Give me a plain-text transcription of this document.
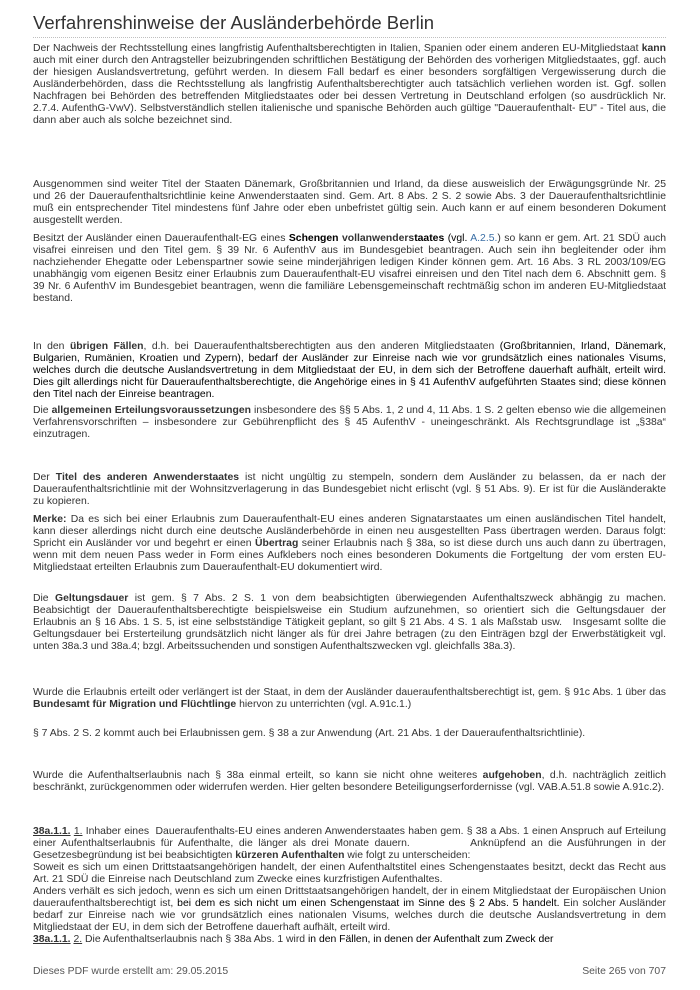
Verfahrenshinweise der Ausländerbehörde Berlin

Der Nachweis der Rechtsstellung eines langfristig Aufenthaltsberechtigten in Italien, Spanien oder einem anderen EU-Mitgliedstaat kann auch mit einer durch den Antragsteller beizubringenden schriftlichen Bestätigung der Behörden des vorherigen Mitgliedstaates, ggf. auch der hiesigen Auslandsvertretung, geführt werden. In diesem Fall bedarf es einer besonders sorgfältigen Vergewisserung durch die Ausländerbehörden, dass die Rechtsstellung als langfristig Aufenthaltsberechtigter auch tatsächlich verliehen worden ist. Ggf. sollen Nachfragen bei Behörden des betreffenden Mitgliedstaates oder bei dessen Vertretung in Deutschland erfolgen (so ausdrücklich Nr. 2.7.4. AufenthG-VwV). Selbstverständlich stellen italienische und spanische Behörden auch gültige "Daueraufenthalt- EU" - Titel aus, die dann aber auch als solche bezeichnet sind.

Ausgenommen sind weiter Titel der Staaten Dänemark, Großbritannien und Irland, da diese ausweislich der Erwägungsgründe Nr. 25 und 26 der Daueraufenthaltsrichtlinie keine Anwenderstaaten sind. Gem. Art. 8 Abs. 2 S. 2 sowie Abs. 3 der Daueraufenthaltsrichtlinie muß ein entsprechender Titel mindestens fünf Jahre oder eben unbefristet gültig sein. Auch kann er auf einem besonderen Dokument ausgestellt werden.

Besitzt der Ausländer einen Daueraufenthalt-EG eines Schengen vollanwenderstaates (vgl. A.2.5.) so kann er gem. Art. 21 SDÜ auch visafrei einreisen und den Titel gem. § 39 Nr. 6 AufenthV aus im Bundesgebiet beantragen. Auch sein ihn begleitender oder ihm nachziehender Ehegatte oder Lebenspartner sowie seine minderjährigen ledigen Kinder können gem. Art. 16 Abs. 3 RL 2003/109/EG unabhängig vom eigenen Besitz einer Erlaubnis zum Daueraufenthalt-EU visafrei einreisen und den Titel nach dem 6. Abschnitt gem. § 39 Nr. 6 AufenthV im Bundesgebiet beantragen, wenn die familiäre Lebensgemeinschaft rechtmäßig schon im anderen EU-Mitgliedstaat bestand.

In den übrigen Fällen, d.h. bei Daueraufenthaltsberechtigten aus den anderen Mitgliedstaaten (Großbritannien, Irland, Dänemark, Bulgarien, Rumänien, Kroatien und Zypern), bedarf der Ausländer zur Einreise nach wie vor grundsätzlich eines nationales Visums, welches durch die deutsche Auslandsvertretung in dem Mitgliedstaat der EU, in dem sich der Betroffene dauerhaft aufhält, erteilt wird. Dies gilt allerdings nicht für Daueraufenthaltsberechtigte, die Angehörige eines in § 41 AufenthV aufgeführten Staates sind; diese können den Titel nach der Einreise beantragen.

Die allgemeinen Erteilungsvoraussetzungen insbesondere des §§ 5 Abs. 1, 2 und 4, 11 Abs. 1 S. 2 gelten ebenso wie die allgemeinen Verfahrensvorschriften – insbesondere zur Gebührenpflicht des § 45 AufenthV - uneingeschränkt. Als Rechtsgrundlage ist „§38a“ einzutragen.

Der Titel des anderen Anwenderstaates ist nicht ungültig zu stempeln, sondern dem Ausländer zu belassen, da er nach der Daueraufenthaltsrichtlinie mit der Wohnsitzverlagerung in das Bundesgebiet nicht erlischt (vgl. § 51 Abs. 9). Er ist für die Ausländerakte zu kopieren.

Merke: Da es sich bei einer Erlaubnis zum Daueraufenthalt-EU eines anderen Signatarstaates um einen ausländischen Titel handelt, kann dieser allerdings nicht durch eine deutsche Ausländerbehörde in einen neu ausgestellten Pass übertragen werden. Daraus folgt: Spricht ein Ausländer vor und begehrt er einen Übertrag seiner Erlaubnis nach § 38a, so ist diese durch uns auch dann zu übertragen, wenn mit dem neuen Pass weder in Form eines Aufklebers noch eines besonderen Dokuments die Fortgeltung  der vom ersten EU-Mitgliedstaat erteilten Erlaubnis zum Daueraufenthalt-EU dokumentiert wird.

Die Geltungsdauer ist gem. § 7 Abs. 2 S. 1 von dem beabsichtigten überwiegenden Aufenthaltszweck abhängig zu machen. Beabsichtigt der Daueraufenthaltsberechtigte beispielsweise ein Studium aufzunehmen, so orientiert sich die Geltungsdauer der Erlaubnis an § 16 Abs. 1 S. 5, ist eine selbstständige Tätigkeit geplant, so gilt § 21 Abs. 4 S. 1 als Maßstab usw.   Insgesamt sollte die Geltungsdauer bei Ersterteilung grundsätzlich nicht länger als für drei Jahre betragen (zu den Einträgen bzgl der Erwerbstätigkeit vgl. unten 38a.3 und 38a.4; bzgl. Arbeitssuchenden und sonstigen Aufenthaltszwecken vgl. gleichfalls 38a.3).

Wurde die Erlaubnis erteilt oder verlängert ist der Staat, in dem der Ausländer daueraufenthaltsberechtigt ist, gem. § 91c Abs. 1 über das Bundesamt für Migration und Flüchtlinge hiervon zu unterrichten (vgl. A.91c.1.)

§ 7 Abs. 2 S. 2 kommt auch bei Erlaubnissen gem. § 38 a zur Anwendung (Art. 21 Abs. 1 der Daueraufenthaltsrichtlinie).

Wurde die Aufenthaltserlaubnis nach § 38a einmal erteilt, so kann sie nicht ohne weiteres aufgehoben, d.h. nachträglich zeitlich beschränkt, zurückgenommen oder widerrufen werden. Hier gelten besondere Beteiligungserfordernisse (vgl. VAB.A.51.8 sowie A.91c.2).

38a.1.1. 1. Inhaber eines  Daueraufenthalts-EU eines anderen Anwenderstaates haben gem. § 38 a Abs. 1 einen Anspruch auf Erteilung einer Aufenthaltserlaubnis für Aufenthalte, die länger als drei Monate dauern.           Anknüpfend an die Ausführungen in der Gesetzesbegründung ist bei beabsichtigten kürzeren Aufenthalten wie folgt zu unterscheiden:

Soweit es sich um einen Drittstaatsangehörigen handelt, der einen Aufenthaltstitel eines Schengenstaates besitzt, deckt das Recht aus Art. 21 SDÜ die Einreise nach Deutschland zum Zwecke eines kurzfristigen Aufenthaltes.

Anders verhält es sich jedoch, wenn es sich um einen Drittstaatsangehörigen handelt, der in einem Mitgliedstaat der Europäischen Union daueraufenthaltsberechtigt ist, bei dem es sich nicht um einen Schengenstaat im Sinne des § 2 Abs. 5 handelt. Ein solcher Ausländer bedarf zur Einreise nach wie vor grundsätzlich eines nationalen Visums, welches durch die deutsche Auslandsvertretung in dem Mitgliedstaat der EU, in dem sich der Betroffene dauerhaft aufhält, erteilt wird.

38a.1.1. 2. Die Aufenthaltserlaubnis nach § 38a Abs. 1 wird in den Fällen, in denen der Aufenthalt zum Zweck der

Dieses PDF wurde erstellt am: 29.05.2015	Seite 265 von 707
